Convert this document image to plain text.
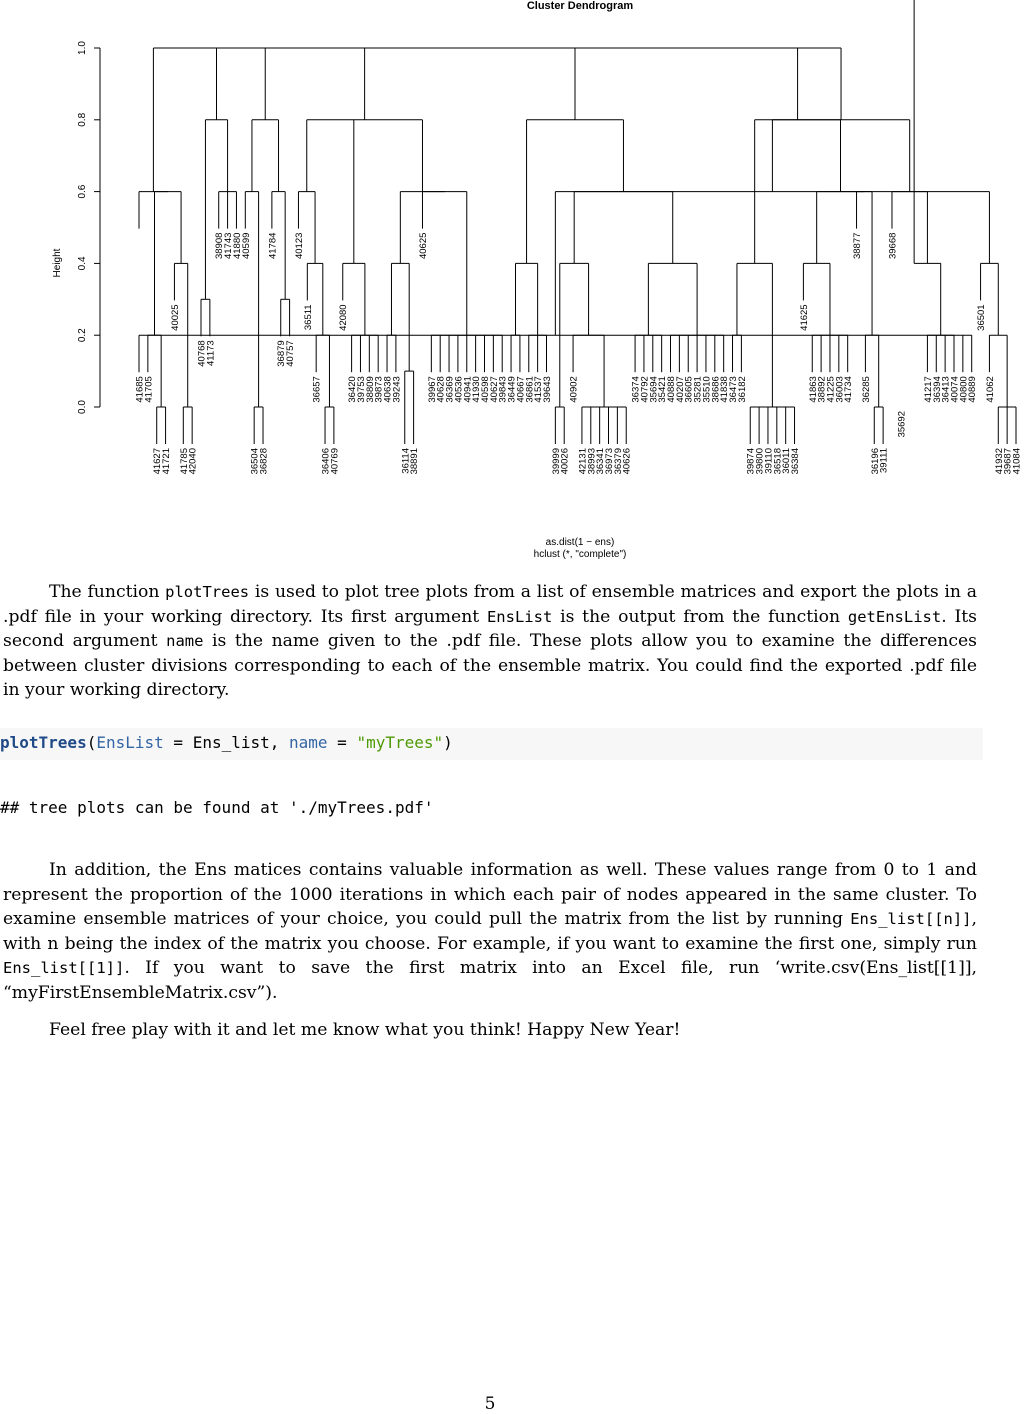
Cluster Dendrogram
0.0
0.2
0.4
0.6
0.8
1.0
Height
41685
41705
41627
41721
40025
41785
42040
40768
41173
38908
41743
41880
40599
36504
36828
41784
36879
40757
40123
36511
36657
36406
40769
42080
36420
39753
38809
39873
40638
39243
36114
38891
40625
39967
40628
36369
40536
40941
41930
40598
40627
39843
36449
40667
36861
41537
39643
39999
40026
40902
42131
38993
36341
36973
36379
40626
36374
40792
35694
35421
40888
40207
36605
35281
35510
38686
41838
36473
36182
39874
39800
39110
36518
36011
36384
41625
41863
38892
41225
36003
41734
38877
36285
36196
39111
39668
35692
41217
36394
36413
40074
40800
40889
36501
41062
41932
39687
41084
as.dist(1 − ens)
hclust (*, "complete")

The function plotTrees is used to plot tree plots from a list of ensemble matrices and export the plots in a .pdf file in your working directory. Its first argument EnsList is the output from the function getEnsList. Its second argument name is the name given to the .pdf file. These plots allow you to examine the differences between cluster divisions corresponding to each of the ensemble matrix. You could find the exported .pdf file in your working directory.

plotTrees(EnsList = Ens_list, name = "myTrees")
## tree plots can be found at './myTrees.pdf'

In addition, the Ens matices contains valuable information as well. These values range from 0 to 1 and represent the proportion of the 1000 iterations in which each pair of nodes appeared in the same cluster. To examine ensemble matrices of your choice, you could pull the matrix from the list by running Ens_list[[n]], with n being the index of the matrix you choose. For example, if you want to examine the first one, simply run Ens_list[[1]]. If you want to save the first matrix into an Excel file, run ‘write.csv(Ens_list[[1]], “myFirstEnsembleMatrix.csv”).

Feel free play with it and let me know what you think! Happy New Year!

5
